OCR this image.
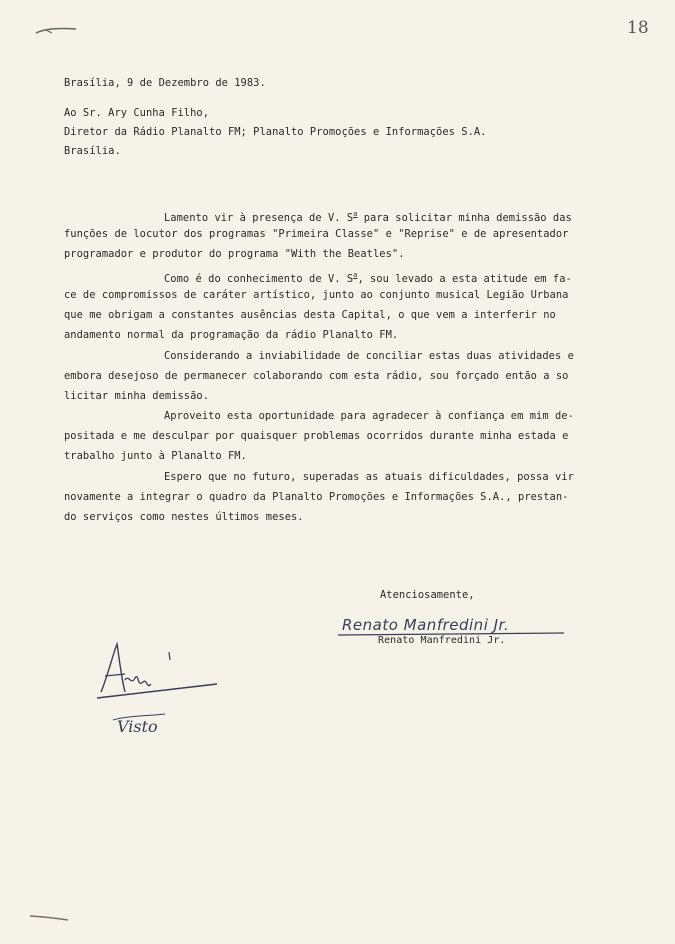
18
Brasília, 9 de Dezembro de 1983.
Ao Sr. Ary Cunha Filho,
Diretor da Rádio Planalto FM; Planalto Promoções e Informações S.A.
Brasília.
Lamento vir à presença de V. $S^a$ para solicitar minha demissão das
funções de locutor dos programas "Primeira Classe" e "Reprise" e de apresentador
programador e produtor do programa "With the Beatles".
Como é do conhecimento de V. $S^a$, sou levado a esta atitude em fa-
ce de compromissos de caráter artístico, junto ao conjunto musical Legião Urbana
que me obrigam a constantes ausências desta Capital, o que vem a interferir no
andamento normal da programação da rádio Planalto FM.
Considerando a inviabilidade de conciliar estas duas atividades e
embora desejoso de permanecer colaborando com esta rádio, sou forçado então a so
licitar minha demissão.
Aproveito esta oportunidade para agradecer à confiança em mim de-
positada e me desculpar por quaisquer problemas ocorridos durante minha estada e
trabalho junto à Planalto FM.
Espero que no futuro, superadas as atuais dificuldades, possa vir
novamente a integrar o quadro da Planalto Promoções e Informações S.A., prestan-
do serviços como nestes últimos meses.
Atenciosamente,
Renato Manfredini Jr.
Renato Manfredini Jr.
Visto
